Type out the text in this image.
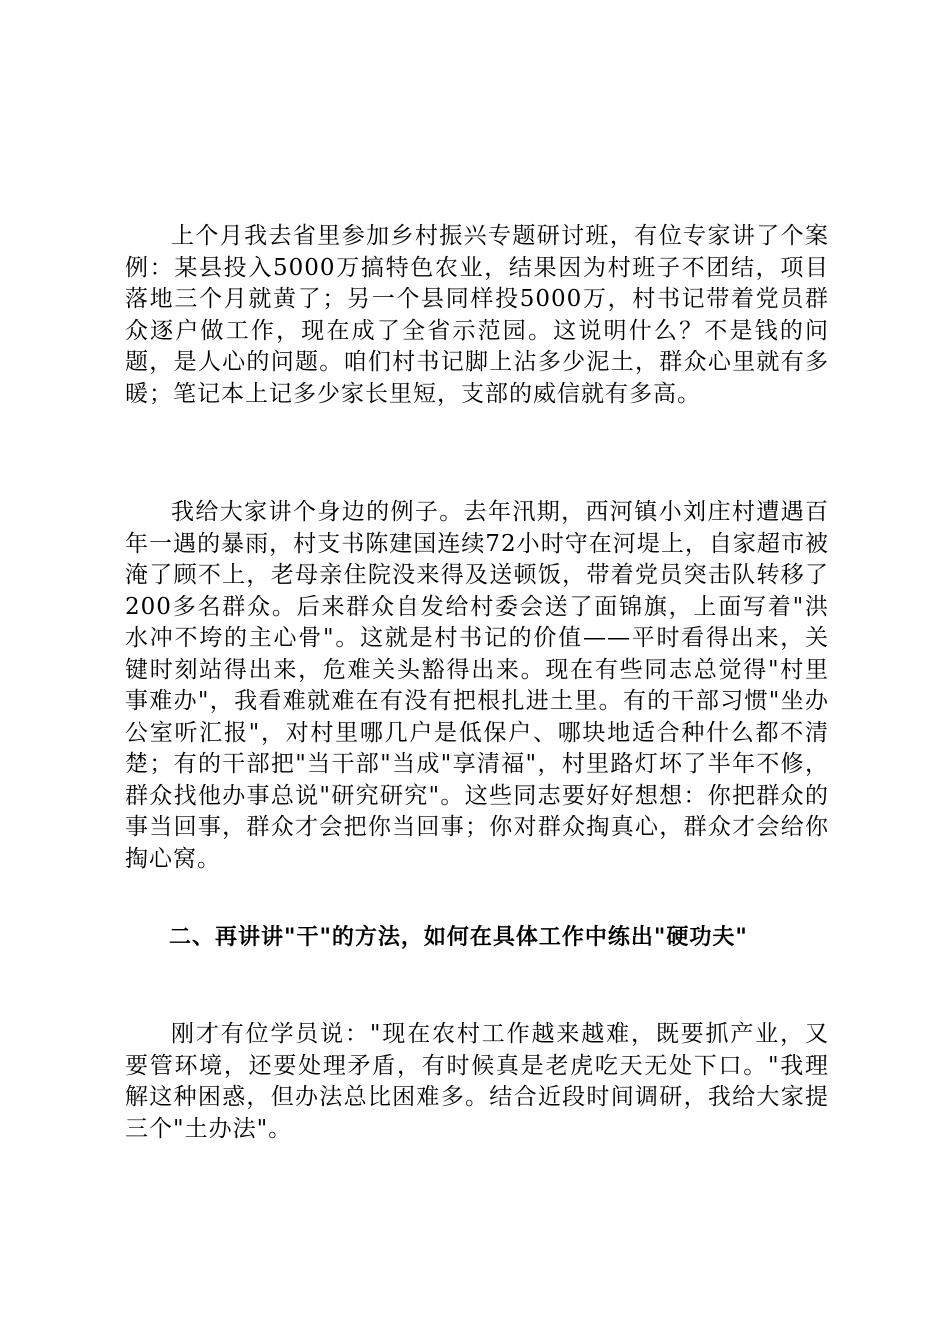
上个月我去省里参加乡村振兴专题研讨班，有位专家讲了个案例：某县投入5000万搞特色农业，结果因为村班子不团结，项目落地三个月就黄了；另一个县同样投5000万，村书记带着党员群众逐户做工作，现在成了全省示范园。这说明什么？不是钱的问题，是人心的问题。咱们村书记脚上沾多少泥土，群众心里就有多暖；笔记本上记多少家长里短，支部的威信就有多高。

我给大家讲个身边的例子。去年汛期，西河镇小刘庄村遭遇百年一遇的暴雨，村支书陈建国连续72小时守在河堤上，自家超市被淹了顾不上，老母亲住院没来得及送顿饭，带着党员突击队转移了200多名群众。后来群众自发给村委会送了面锦旗，上面写着"洪水冲不垮的主心骨"。这就是村书记的价值——平时看得出来，关键时刻站得出来，危难关头豁得出来。现在有些同志总觉得"村里事难办"，我看难就难在有没有把根扎进土里。有的干部习惯"坐办公室听汇报"，对村里哪几户是低保户、哪块地适合种什么都不清楚；有的干部把"当干部"当成"享清福"，村里路灯坏了半年不修，群众找他办事总说"研究研究"。这些同志要好好想想：你把群众的事当回事，群众才会把你当回事；你对群众掏真心，群众才会给你掏心窝。

二、再讲讲"干"的方法，如何在具体工作中练出"硬功夫"

刚才有位学员说："现在农村工作越来越难，既要抓产业，又要管环境，还要处理矛盾，有时候真是老虎吃天无处下口。"我理解这种困惑，但办法总比困难多。结合近段时间调研，我给大家提三个"土办法"。
